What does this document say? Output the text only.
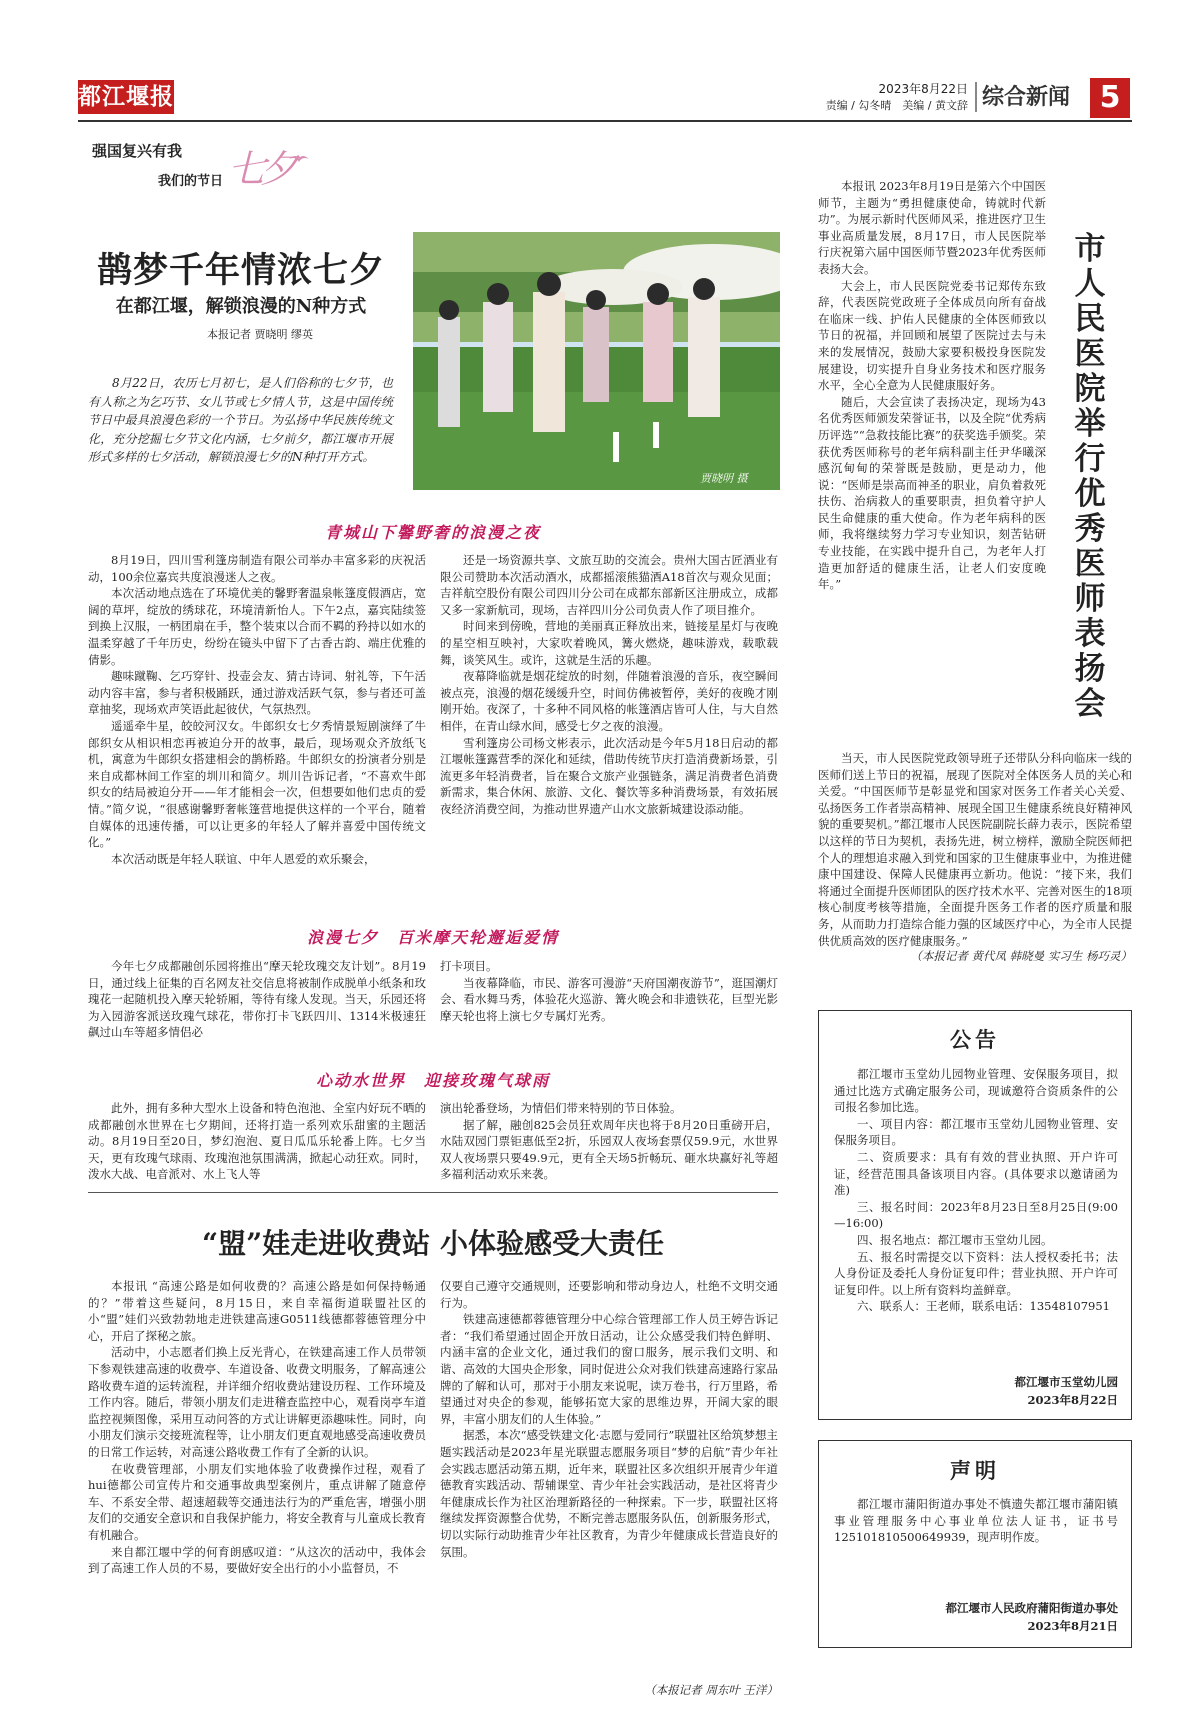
都江堰报	2023年8月22日
责编 / 勾冬晴　美编 / 黄文辞 综合新闻 5
强国复兴有我
我们的节日 七夕
鹊梦千年情浓七夕
在都江堰，解锁浪漫的N种方式
本报记者 贾晓明 缪英
8月22日，农历七月初七，是人们俗称的七夕节，也有人称之为乞巧节、女儿节或七夕情人节，这是中国传统节日中最具浪漫色彩的一个节日。为弘扬中华民族传统文化，充分挖掘七夕节文化内涵，七夕前夕，都江堰市开展形式多样的七夕活动，解锁浪漫七夕的N种打开方式。
贾晓明 摄
青城山下馨野奢的浪漫之夜

8月19日，四川雪利篷房制造有限公司举办丰富多彩的庆祝活动，100余位嘉宾共度浪漫迷人之夜。

本次活动地点选在了环境优美的馨野奢温泉帐篷度假酒店，宽阔的草坪，绽放的绣球花，环境清新怡人。下午2点，嘉宾陆续签到换上汉服，一柄团扇在手，整个装束以合而不羁的矜持以如水的温柔穿越了千年历史，纷纷在镜头中留下了古香古韵、端庄优雅的倩影。

趣味蹴鞠、乞巧穿针、投壶会友、猜古诗词、射礼等，下午活动内容丰富，参与者积极踊跃，通过游戏活跃气氛，参与者还可盖章抽奖，现场欢声笑语此起彼伏，气氛热烈。

遥遥牵牛星，皎皎河汉女。牛郎织女七夕秀情景短剧演绎了牛郎织女从相识相恋再被迫分开的故事，最后，现场观众齐放纸飞机，寓意为牛郎织女搭建相会的鹊桥路。牛郎织女的扮演者分别是来自成都林间工作室的圳川和简夕。圳川告诉记者，“不喜欢牛郎织女的结局被迫分开——年才能相会一次，但想要如他们忠贞的爱情。”简夕说，“很感谢馨野奢帐篷营地提供这样的一个平台，随着自媒体的迅速传播，可以让更多的年轻人了解并喜爱中国传统文化。”

本次活动既是年轻人联谊、中年人恩爱的欢乐聚会，

还是一场资源共享、文旅互助的交流会。贵州大国古匠酒业有限公司赞助本次活动酒水，成都摇滚熊猫酒A18首次与观众见面；吉祥航空股份有限公司四川分公司在成都东部新区注册成立，成都又多一家新航司，现场，吉祥四川分公司负责人作了项目推介。

时间来到傍晚，营地的美丽真正释放出来，链接星星灯与夜晚的星空相互映衬，大家吹着晚风，篝火燃烧，趣味游戏，载歌载舞，谈笑风生。或许，这就是生活的乐趣。

夜幕降临就是烟花绽放的时刻，伴随着浪漫的音乐，夜空瞬间被点亮，浪漫的烟花缓缓升空，时间仿佛被暂停，美好的夜晚才刚刚开始。夜深了，十多种不同风格的帐篷酒店皆可人住，与大自然相伴，在青山绿水间，感受七夕之夜的浪漫。

雪利篷房公司杨文彬表示，此次活动是今年5月18日启动的都江堰帐篷露营季的深化和延续，借助传统节庆打造消费新场景，引流更多年轻消费者，旨在聚合文旅产业强链条，满足消费者色消费新需求，集合休闲、旅游、文化、餐饮等多种消费场景，有效拓展夜经济消费空间，为推动世界遗产山水文旅新城建设添动能。

浪漫七夕　百米摩天轮邂逅爱情

今年七夕成都融创乐园将推出“摩天轮玫瑰交友计划”。8月19日，通过线上征集的百名网友社交信息将被制作成脱单小纸条和玫瑰花一起随机投入摩天轮轿厢，等待有缘人发现。当天，乐园还将为入园游客派送玫瑰气球花，带你打卡飞跃四川、1314米极速狂飙过山车等超多情侣必

打卡项目。

当夜幕降临，市民、游客可漫游“天府国潮夜游节”，逛国潮灯会、看水舞马秀，体验花火巡游、篝火晚会和非遗铁花，巨型光影摩天轮也将上演七夕专属灯光秀。

心动水世界　迎接玫瑰气球雨

此外，拥有多种大型水上设备和特色泡池、全室内好玩不晒的成都融创水世界在七夕期间，还将打造一系列欢乐甜蜜的主题活动。8月19日至20日，梦幻泡泡、夏日瓜瓜乐轮番上阵。七夕当天，更有玫瑰气球雨、玫瑰泡池氛围满满，掀起心动狂欢。同时，泼水大战、电音派对、水上飞人等

演出轮番登场，为情侣们带来特别的节日体验。

据了解，融创825会员狂欢周年庆也将于8月20日重磅开启，水陆双园门票钜惠低至2折，乐园双人夜场套票仅59.9元，水世界双人夜场票只要49.9元，更有全天场5折畅玩、砸水块赢好礼等超多福利活动欢乐来袭。

“盟”娃走进收费站 小体验感受大责任

本报讯 “高速公路是如何收费的？高速公路是如何保持畅通的？”带着这些疑问，8月15日，来自幸福街道联盟社区的小“盟”娃们兴致勃勃地走进铁建高速G0511线德都蓉德管理分中心，开启了探秘之旅。

活动中，小志愿者们换上反光背心，在铁建高速工作人员带领下参观铁建高速的收费亭、车道设备、收费文明服务，了解高速公路收费车道的运转流程，并详细介绍收费站建设历程、工作环境及工作内容。随后，带领小朋友们走进稽查监控中心，观看岗亭车道监控视频图像，采用互动问答的方式让讲解更添趣味性。同时，向小朋友们演示交接班流程等，让小朋友们更直观地感受高速收费员的日常工作运转，对高速公路收费工作有了全新的认识。

在收费管理部，小朋友们实地体验了收费操作过程，观看了hui德都公司宣传片和交通事故典型案例片，重点讲解了随意停车、不系安全带、超速超载等交通违法行为的严重危害，增强小朋友们的交通安全意识和自我保护能力，将安全教育与儿童成长教育有机融合。

来自都江堰中学的何育朗感叹道：“从这次的活动中，我体会到了高速工作人员的不易，要做好安全出行的小小监督员，不

仅要自己遵守交通规则，还要影响和带动身边人，杜绝不文明交通行为。

铁建高速德都蓉德管理分中心综合管理部工作人员王婷告诉记者：“我们希望通过固企开放日活动，让公众感受我们特色鲜明、内涵丰富的企业文化，通过我们的窗口服务，展示我们文明、和谐、高效的大国央企形象，同时促进公众对我们铁建高速路行家品牌的了解和认可，那对于小朋友来说呢，读万卷书，行万里路，希望通过对央企的参观，能够拓宽大家的思维边界，开阔大家的眼界，丰富小朋友们的人生体验。”

据悉，本次“感受铁建文化·志愿与爱同行”联盟社区给筑梦想主题实践活动是2023年星光联盟志愿服务项目“梦的启航”青少年社会实践志愿活动第五期，近年来，联盟社区多次组织开展青少年道德教育实践活动、帮辅课堂、青少年社会实践活动，是社区将青少年健康成长作为社区治理新路径的一种探索。下一步，联盟社区将继续发挥资源整合优势，不断完善志愿服务队伍，创新服务形式，切以实际行动助推青少年社区教育，为青少年健康成长营造良好的氛围。

（本报记者 周东叶 王洋）

本报讯 2023年8月19日是第六个中国医师节，主题为“勇担健康使命，铸就时代新功”。为展示新时代医师风采，推进医疗卫生事业高质量发展，8月17日，市人民医院举行庆祝第六届中国医师节暨2023年优秀医师表扬大会。

大会上，市人民医院党委书记郑传东致辞，代表医院党政班子全体成员向所有奋战在临床一线、护佑人民健康的全体医师致以节日的祝福，并回顾和展望了医院过去与未来的发展情况，鼓励大家要积极投身医院发展建设，切实提升自身业务技术和医疗服务水平，全心全意为人民健康服好务。

随后，大会宣读了表扬决定，现场为43名优秀医师颁发荣誉证书，以及全院“优秀病历评选”“急救技能比赛”的获奖选手颁奖。荣获优秀医师称号的老年病科副主任尹华曦深感沉甸甸的荣誉既是鼓励，更是动力，他说：“医师是崇高而神圣的职业，肩负着救死扶伤、治病救人的重要职责，担负着守护人民生命健康的重大使命。作为老年病科的医师，我将继续努力学习专业知识，刻苦钻研专业技能，在实践中提升自己，为老年人打造更加舒适的健康生活，让老人们安度晚年。”

市人民医院举行优秀医师表扬会

当天，市人民医院党政领导班子还带队分科向临床一线的医师们送上节日的祝福，展现了医院对全体医务人员的关心和关爱。“中国医师节是彰显党和国家对医务工作者关心关爱、弘扬医务工作者崇高精神、展现全国卫生健康系统良好精神风貌的重要契机。”都江堰市人民医院副院长薛力表示，医院希望以这样的节日为契机，表扬先进，树立榜样，激励全院医师把个人的理想追求融入到党和国家的卫生健康事业中，为推进健康中国建设、保障人民健康再立新功。他说：“接下来，我们将通过全面提升医师团队的医疗技术水平、完善对医生的18项核心制度考核等措施，全面提升医务工作者的医疗质量和服务，从而助力打造综合能力强的区域医疗中心，为全市人民提供优质高效的医疗健康服务。”

（本报记者 黄代凤 韩晓曼 实习生 杨巧灵）
公告

都江堰市玉堂幼儿园物业管理、安保服务项目，拟通过比选方式确定服务公司，现诚邀符合资质条件的公司报名参加比选。

一、项目内容：都江堰市玉堂幼儿园物业管理、安保服务项目。

二、资质要求：具有有效的营业执照、开户许可证，经营范围具备该项目内容。(具体要求以邀请函为准)

三、报名时间：2023年8月23日至8月25日(9:00—16:00)

四、报名地点：都江堰市玉堂幼儿园。

五、报名时需提交以下资料：法人授权委托书；法人身份证及委托人身份证复印件；营业执照、开户许可证复印件。以上所有资料均盖鲜章。

六、联系人：王老师，联系电话：13548107951

都江堰市玉堂幼儿园
2023年8月22日
声明

都江堰市蒲阳街道办事处不慎遗失都江堰市蒲阳镇事业管理服务中心事业单位法人证书，证书号125101810500649939，现声明作废。

都江堰市人民政府蒲阳街道办事处
2023年8月21日
